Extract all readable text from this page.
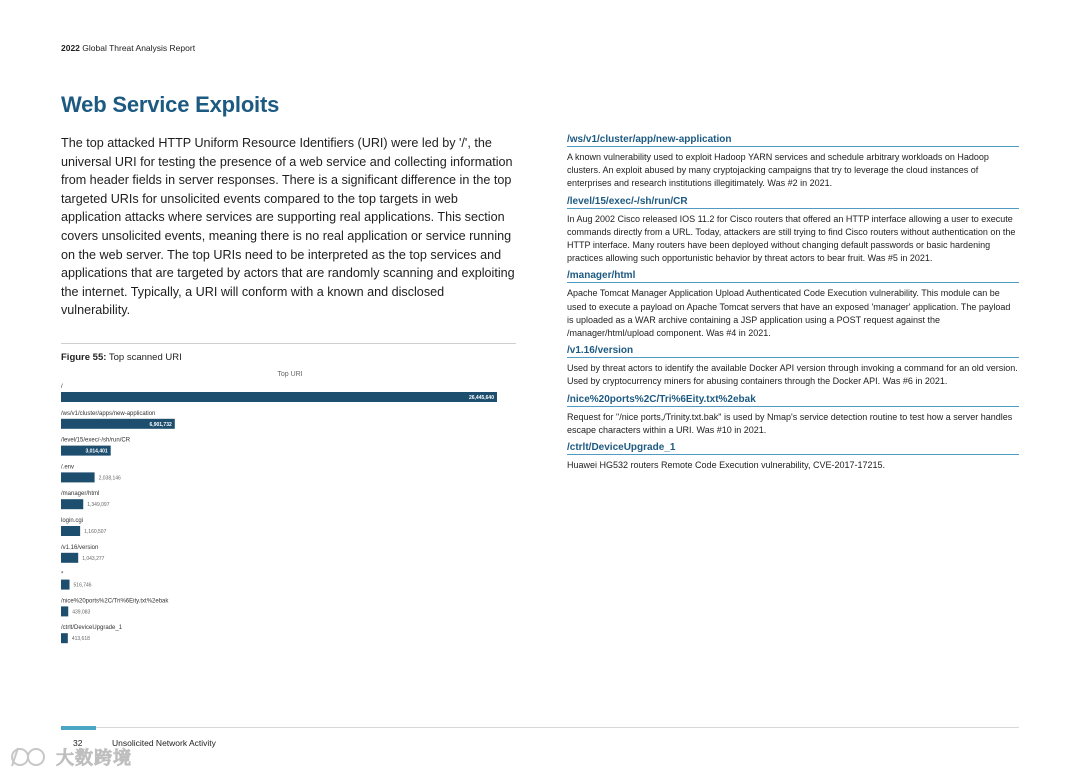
2022 Global Threat Analysis Report
Web Service Exploits

The top attacked HTTP Uniform Resource Identifiers (URI) were led by '/', the universal URI for testing the presence of a web service and collecting information from header fields in server responses. There is a significant difference in the top targeted URIs for unsolicited events compared to the top targets in web application attacks where services are supporting real applications. This section covers unsolicited events, meaning there is no real application or service running on the web server. The top URIs need to be interpreted as the top services and applications that are targeted by actors that are randomly scanning and exploiting the internet. Typically, a URI will conform with a known and disclosed vulnerability.

Figure 55: Top scanned URI
Top URI
/
26,445,640
/ws/v1/cluster/apps/new-application
6,901,732
/level/15/exec/-/sh/run/CR
3,014,401
/.env
2,038,146
/manager/html
1,349,097
login.cgi
1,160,507
/v1.16/version
1,043,277
*
516,746
/nice%20ports%2C/Tri%6Eity.txt%2ebak
439,083
/ctrlt/DeviceUpgrade_1
413,618
/ws/v1/cluster/app/new-application
A known vulnerability used to exploit Hadoop YARN services and schedule arbitrary workloads on Hadoop clusters. An exploit abused by many cryptojacking campaigns that try to leverage the cloud instances of enterprises and research institutions illegitimately. Was #2 in 2021.
/level/15/exec/-/sh/run/CR
In Aug 2002 Cisco released IOS 11.2 for Cisco routers that offered an HTTP interface allowing a user to execute commands directly from a URL. Today, attackers are still trying to find Cisco routers without authentication on the HTTP interface. Many routers have been deployed without changing default passwords or basic hardening practices allowing such opportunistic behavior by threat actors to bear fruit. Was #5 in 2021.
/manager/html
Apache Tomcat Manager Application Upload Authenticated Code Execution vulnerability. This module can be used to execute a payload on Apache Tomcat servers that have an exposed 'manager' application. The payload is uploaded as a WAR archive containing a JSP application using a POST request against the /manager/html/upload component. Was #4 in 2021.
/v1.16/version
Used by threat actors to identify the available Docker API version through invoking a command for an old version. Used by cryptocurrency miners for abusing containers through the Docker API. Was #6 in 2021.
/nice%20ports%2C/Tri%6Eity.txt%2ebak
Request for "/nice ports,/Trinity.txt.bak" is used by Nmap's service detection routine to test how a server handles escape characters within a URI. Was #10 in 2021.
/ctrlt/DeviceUpgrade_1
Huawei HG532 routers Remote Code Execution vulnerability, CVE-2017-17215.
32	Unsolicited Network Activity
大数跨境
